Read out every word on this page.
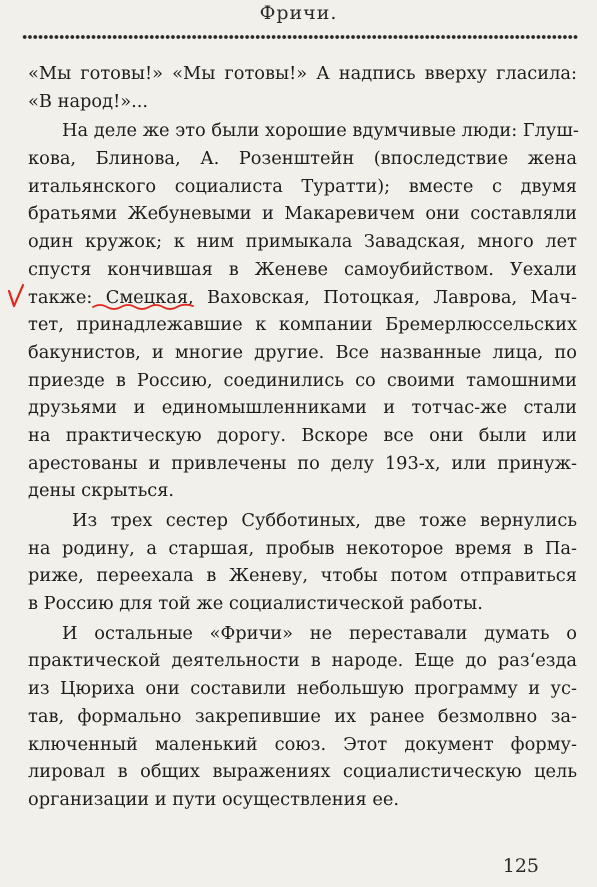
Фричи.
«Мы готовы!» «Мы готовы!» А надпись вверху гласила:
«В народ!»...
На деле же это были хорошие вдумчивые люди: Глуш-
кова, Блинова, А. Розенштейн (впоследствие жена
итальянского социалиста Туратти); вместе с двумя
братьями Жебуневыми и Макаревичем они составляли
один кружок; к ним примыкала Завадская, много лет
спустя кончившая в Женеве самоубийством. Уехали
также: Смецкая, Ваховская, Потоцкая, Лаврова, Мач-
тет, принадлежавшие к компании Бремерлюссельских
бакунистов, и многие другие. Все названные лица, по
приезде в Россию, соединились со своими тамошними
друзьями и единомышленниками и тотчас-же стали
на практическую дорогу. Вскоре все они были или
арестованы и привлечены по делу 193-х, или принуж-
дены скрыться.
Из трех сестер Субботиных, две тоже вернулись
на родину, а старшая, пробыв некоторое время в Па-
риже, переехала в Женеву, чтобы потом отправиться
в Россию для той же социалистической работы.
И остальные «Фричи» не переставали думать о
практической деятельности в народе. Еще до раз‘езда
из Цюриха они составили небольшую программу и ус-
тав, формально закрепившие их ранее безмолвно за-
ключенный маленький союз. Этот документ форму-
лировал в общих выражениях социалистическую цель
организации и пути осуществления ее.
125
